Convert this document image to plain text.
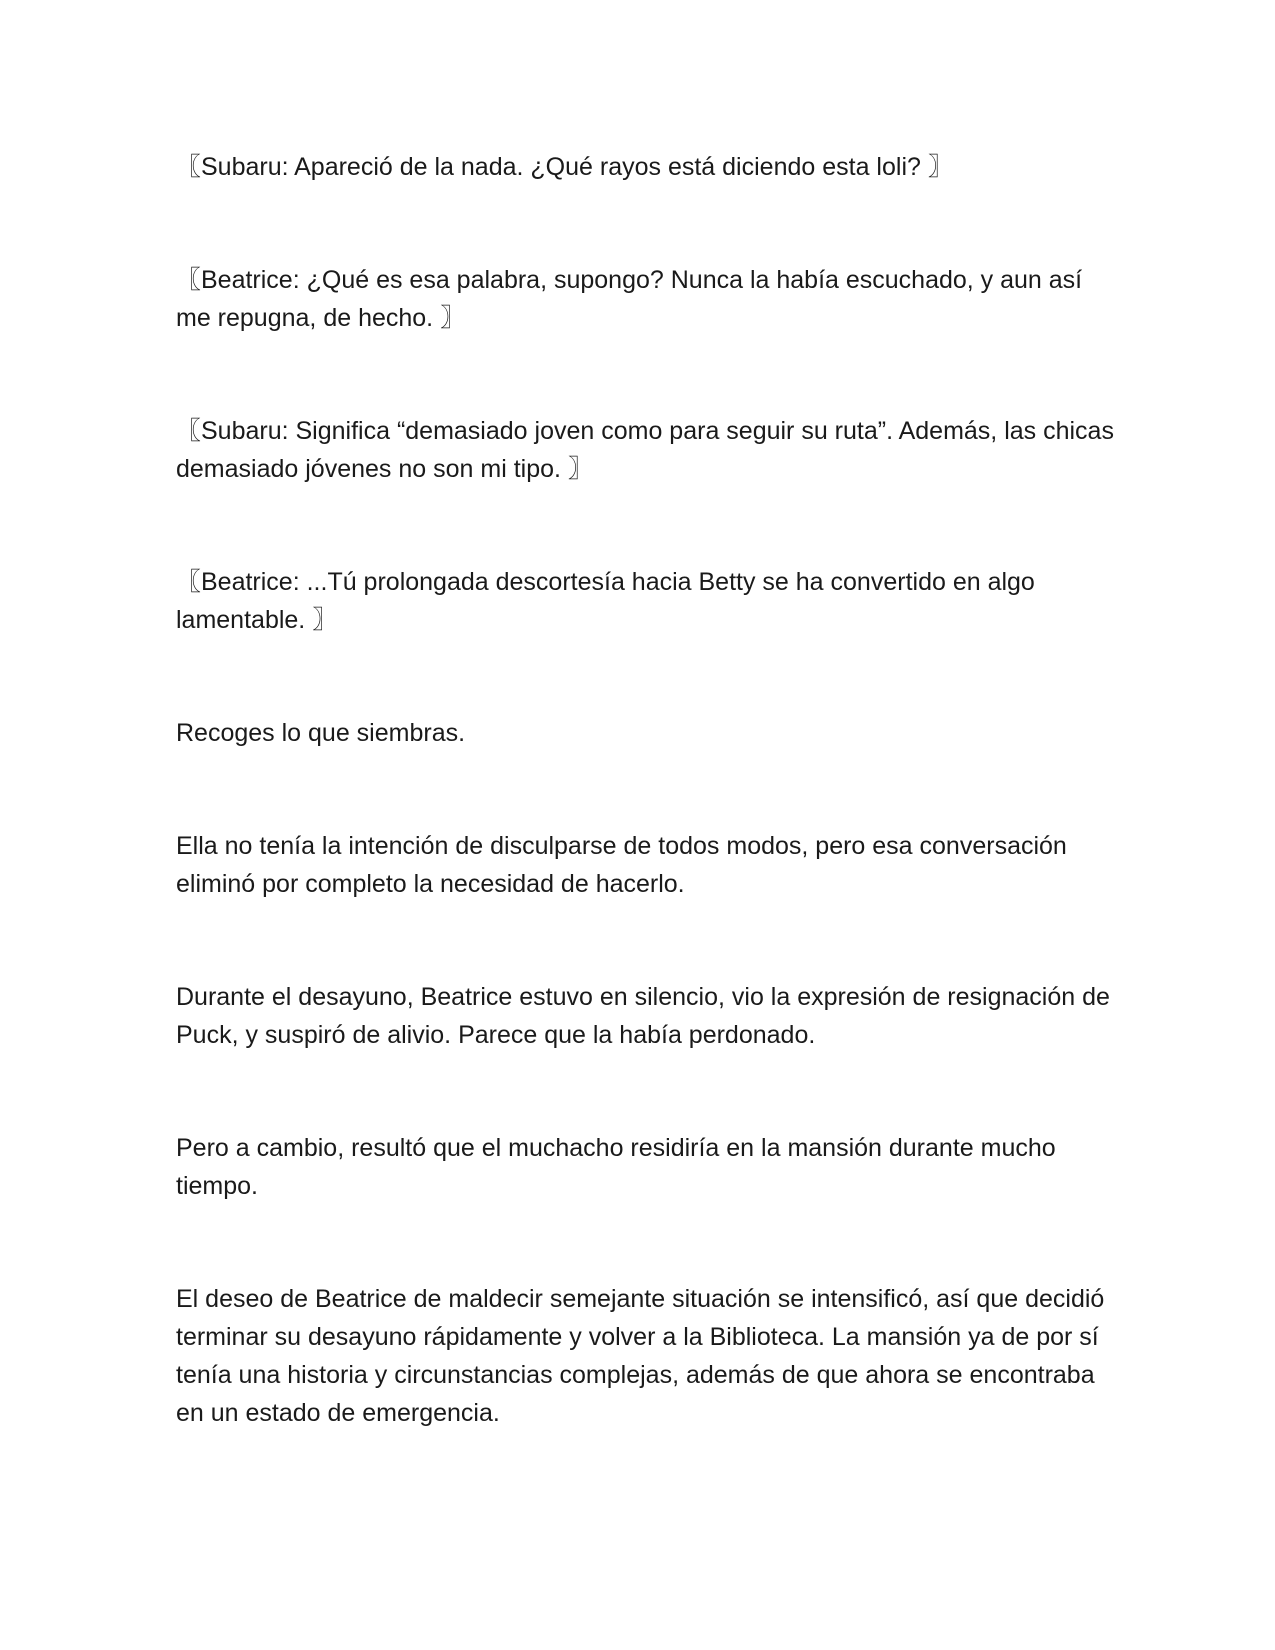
〖Subaru: Apareció de la nada. ¿Qué rayos está diciendo esta loli? 〗

〖Beatrice: ¿Qué es esa palabra, supongo? Nunca la había escuchado, y aun así me repugna, de hecho. 〗

〖Subaru: Significa “demasiado joven como para seguir su ruta”. Además, las chicas demasiado jóvenes no son mi tipo. 〗

〖Beatrice: ...Tú prolongada descortesía hacia Betty se ha convertido en algo lamentable. 〗

Recoges lo que siembras.

Ella no tenía la intención de disculparse de todos modos, pero esa conversación eliminó por completo la necesidad de hacerlo.

Durante el desayuno, Beatrice estuvo en silencio, vio la expresión de resignación de Puck, y suspiró de alivio. Parece que la había perdonado.

Pero a cambio, resultó que el muchacho residiría en la mansión durante mucho tiempo.

El deseo de Beatrice de maldecir semejante situación se intensificó, así que decidió terminar su desayuno rápidamente y volver a la Biblioteca. La mansión ya de por sí tenía una historia y circunstancias complejas, además de que ahora se encontraba en un estado de emergencia.
